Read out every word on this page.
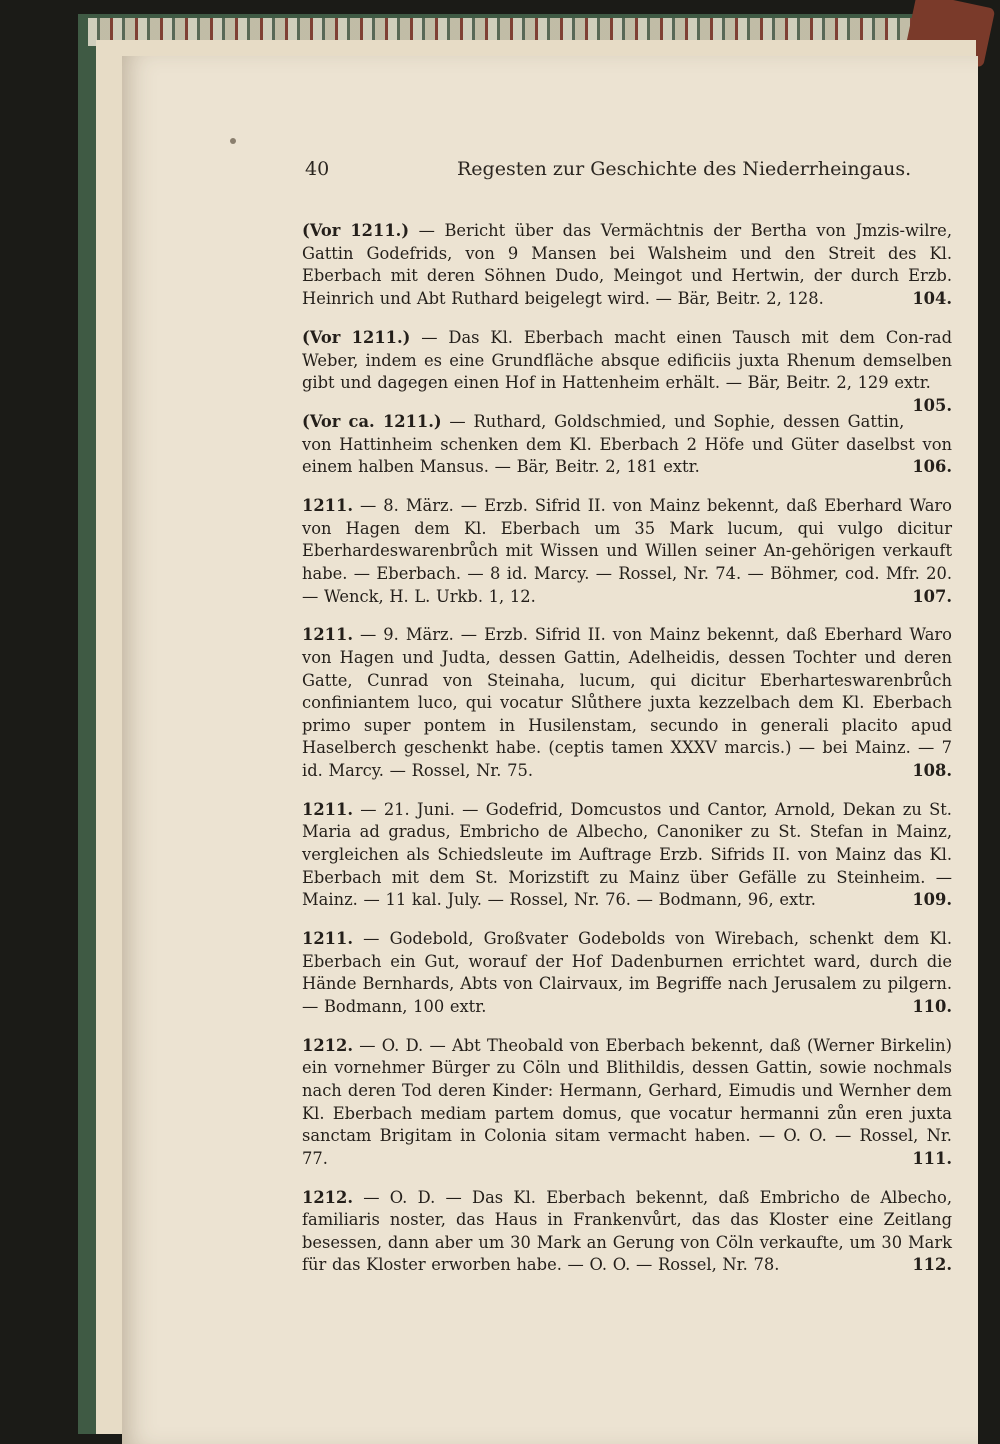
40	Regesten zur Geschichte des Niederrheingaus.

(Vor 1211.) — Bericht über das Vermächtnis der Bertha von Jmzis-wilre, Gattin Godefrids, von 9 Mansen bei Walsheim und den Streit des Kl. Eberbach mit deren Söhnen Dudo, Meingot und Hertwin, der durch Erzb. Heinrich und Abt Ruthard beigelegt wird. — Bär, Beitr. 2, 128.	104.

(Vor 1211.) — Das Kl. Eberbach macht einen Tausch mit dem Con-rad Weber, indem es eine Grundfläche absque edificiis juxta Rhenum demselben gibt und dagegen einen Hof in Hattenheim erhält. — Bär, Beitr. 2, 129 extr.
105.

(Vor ca. 1211.) — Ruthard, Goldschmied, und Sophie, dessen Gattin, von Hattinheim schenken dem Kl. Eberbach 2 Höfe und Güter daselbst von einem halben Mansus. — Bär, Beitr. 2, 181 extr.	106.

1211. — 8. März. — Erzb. Sifrid II. von Mainz bekennt, daß Eberhard Waro von Hagen dem Kl. Eberbach um 35 Mark lucum, qui vulgo dicitur Eberhardeswarenbrůch mit Wissen und Willen seiner An-gehörigen verkauft habe. — Eberbach. — 8 id. Marcy. — Rossel, Nr. 74. — Böhmer, cod. Mfr. 20. — Wenck, H. L. Urkb. 1, 12.	107.

1211. — 9. März. — Erzb. Sifrid II. von Mainz bekennt, daß Eberhard Waro von Hagen und Judta, dessen Gattin, Adelheidis, dessen Tochter und deren Gatte, Cunrad von Steinaha, lucum, qui dicitur Eberharteswarenbrůch confiniantem luco, qui vocatur Slůthere juxta kezzelbach dem Kl. Eberbach primo super pontem in Husilenstam, secundo in generali placito apud Haselberch geschenkt habe. (ceptis tamen XXXV marcis.) — bei Mainz. — 7 id. Marcy. — Rossel, Nr. 75.	108.

1211. — 21. Juni. — Godefrid, Domcustos und Cantor, Arnold, Dekan zu St. Maria ad gradus, Embricho de Albecho, Canoniker zu St. Stefan in Mainz, vergleichen als Schiedsleute im Auftrage Erzb. Sifrids II. von Mainz das Kl. Eberbach mit dem St. Morizstift zu Mainz über Gefälle zu Steinheim. — Mainz. — 11 kal. July. — Rossel, Nr. 76. — Bodmann, 96, extr.	109.

1211. — Godebold, Großvater Godebolds von Wirebach, schenkt dem Kl. Eberbach ein Gut, worauf der Hof Dadenburnen errichtet ward, durch die Hände Bernhards, Abts von Clairvaux, im Begriffe nach Jerusalem zu pilgern. — Bodmann, 100 extr.	110.

1212. — O. D. — Abt Theobald von Eberbach bekennt, daß (Werner Birkelin) ein vornehmer Bürger zu Cöln und Blithildis, dessen Gattin, sowie nochmals nach deren Tod deren Kinder: Hermann, Gerhard, Eimudis und Wernher dem Kl. Eberbach mediam partem domus, que vocatur hermanni zůn eren juxta sanctam Brigitam in Colonia sitam vermacht haben. — O. O. — Rossel, Nr. 77.	111.

1212. — O. D. — Das Kl. Eberbach bekennt, daß Embricho de Albecho, familiaris noster, das Haus in Frankenvůrt, das das Kloster eine Zeitlang besessen, dann aber um 30 Mark an Gerung von Cöln verkaufte, um 30 Mark für das Kloster erworben habe. — O. O. — Rossel, Nr. 78.	112.
